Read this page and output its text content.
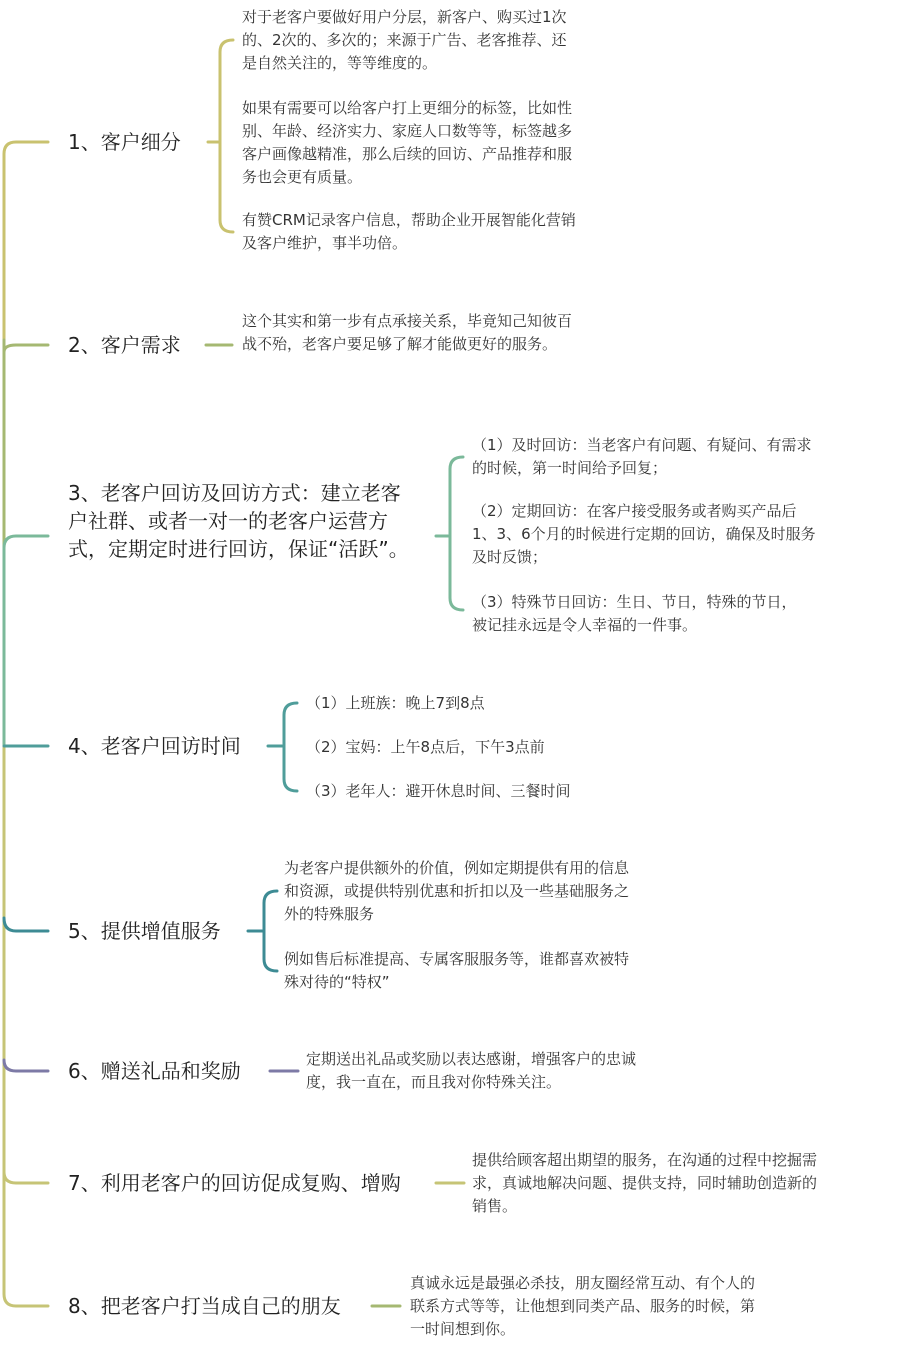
1、客户细分
对于老客户要做好用户分层，新客户、购买过1次的、2次的、多次的；来源于广告、老客推荐、还是自然关注的，等等维度的。
如果有需要可以给客户打上更细分的标签，比如性别、年龄、经济实力、家庭人口数等等，标签越多客户画像越精准，那么后续的回访、产品推荐和服务也会更有质量。
有赞CRM记录客户信息，帮助企业开展智能化营销及客户维护，事半功倍。
2、客户需求
这个其实和第一步有点承接关系，毕竟知己知彼百战不殆，老客户要足够了解才能做更好的服务。
3、老客户回访及回访方式：建立老客户社群、或者一对一的老客户运营方式，定期定时进行回访，保证“活跃”。
（1）及时回访：当老客户有问题、有疑问、有需求的时候，第一时间给予回复；
（2）定期回访：在客户接受服务或者购买产品后1、3、6个月的时候进行定期的回访，确保及时服务及时反馈；
（3）特殊节日回访：生日、节日，特殊的节日，被记挂永远是令人幸福的一件事。
4、老客户回访时间
（1）上班族：晚上7到8点
（2）宝妈：上午8点后，下午3点前
（3）老年人：避开休息时间、三餐时间
5、提供增值服务
为老客户提供额外的价值，例如定期提供有用的信息和资源，或提供特别优惠和折扣以及一些基础服务之外的特殊服务
例如售后标准提高、专属客服服务等，谁都喜欢被特殊对待的“特权”
6、赠送礼品和奖励	定期送出礼品或奖励以表达感谢，增强客户的忠诚度，我一直在，而且我对你特殊关注。
7、利用老客户的回访促成复购、增购
提供给顾客超出期望的服务，在沟通的过程中挖掘需求，真诚地解决问题、提供支持，同时辅助创造新的销售。
8、把老客户打当成自己的朋友
真诚永远是最强必杀技，朋友圈经常互动、有个人的联系方式等等，让他想到同类产品、服务的时候，第一时间想到你。
